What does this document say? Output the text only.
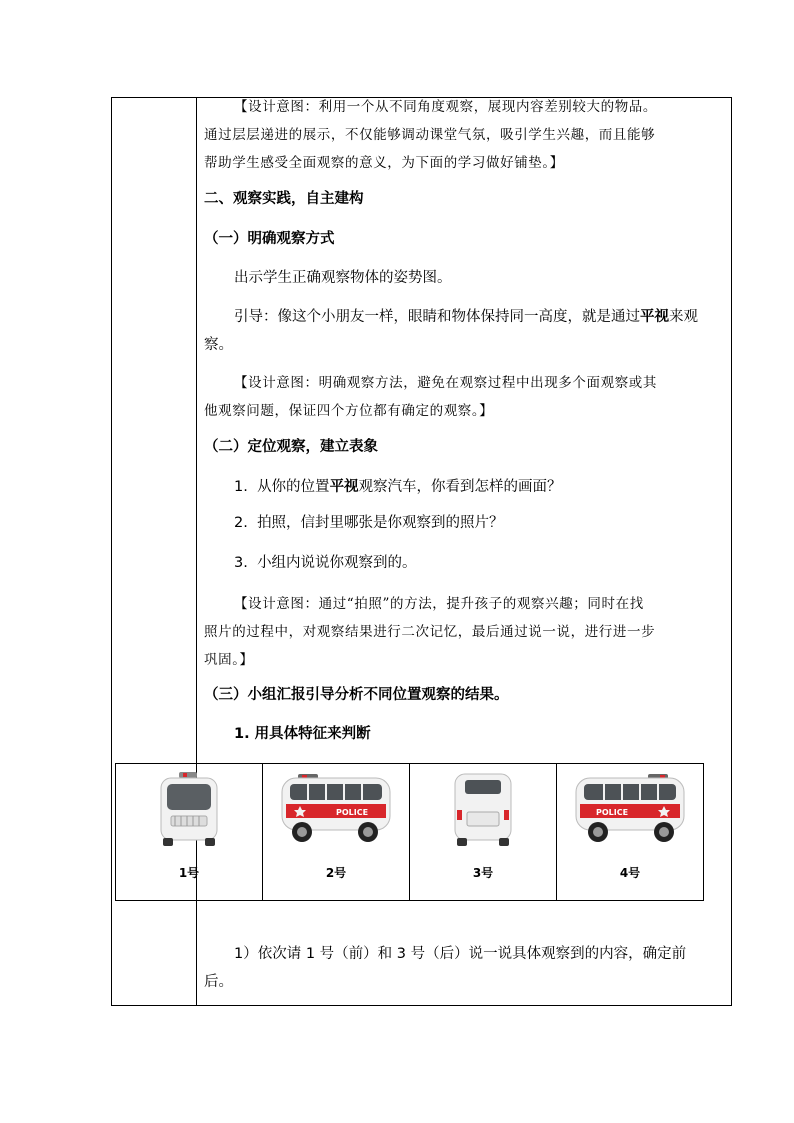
【设计意图：利用一个从不同角度观察，展现内容差别较大的物品。
通过层层递进的展示，不仅能够调动课堂气氛，吸引学生兴趣，而且能够
帮助学生感受全面观察的意义，为下面的学习做好铺垫。】
二、观察实践，自主建构
（一）明确观察方式
出示学生正确观察物体的姿势图。
引导：像这个小朋友一样，眼睛和物体保持同一高度，就是通过平视来观察。
【设计意图：明确观察方法，避免在观察过程中出现多个面观察或其
他观察问题，保证四个方位都有确定的观察。】
（二）定位观察，建立表象
1. 从你的位置平视观察汽车，你看到怎样的画面？
2. 拍照，信封里哪张是你观察到的照片？
3. 小组内说说你观察到的。
【设计意图：通过“拍照”的方法，提升孩子的观察兴趣；同时在找
照片的过程中，对观察结果进行二次记忆，最后通过说一说，进行进一步
巩固。】
（三）小组汇报引导分析不同位置观察的结果。
1. 用具体特征来判断
1）依次请 1 号（前）和 3 号（后）说一说具体观察到的内容，确定前
后。
1号
POLICE
2号	3号
POLICE
4号
